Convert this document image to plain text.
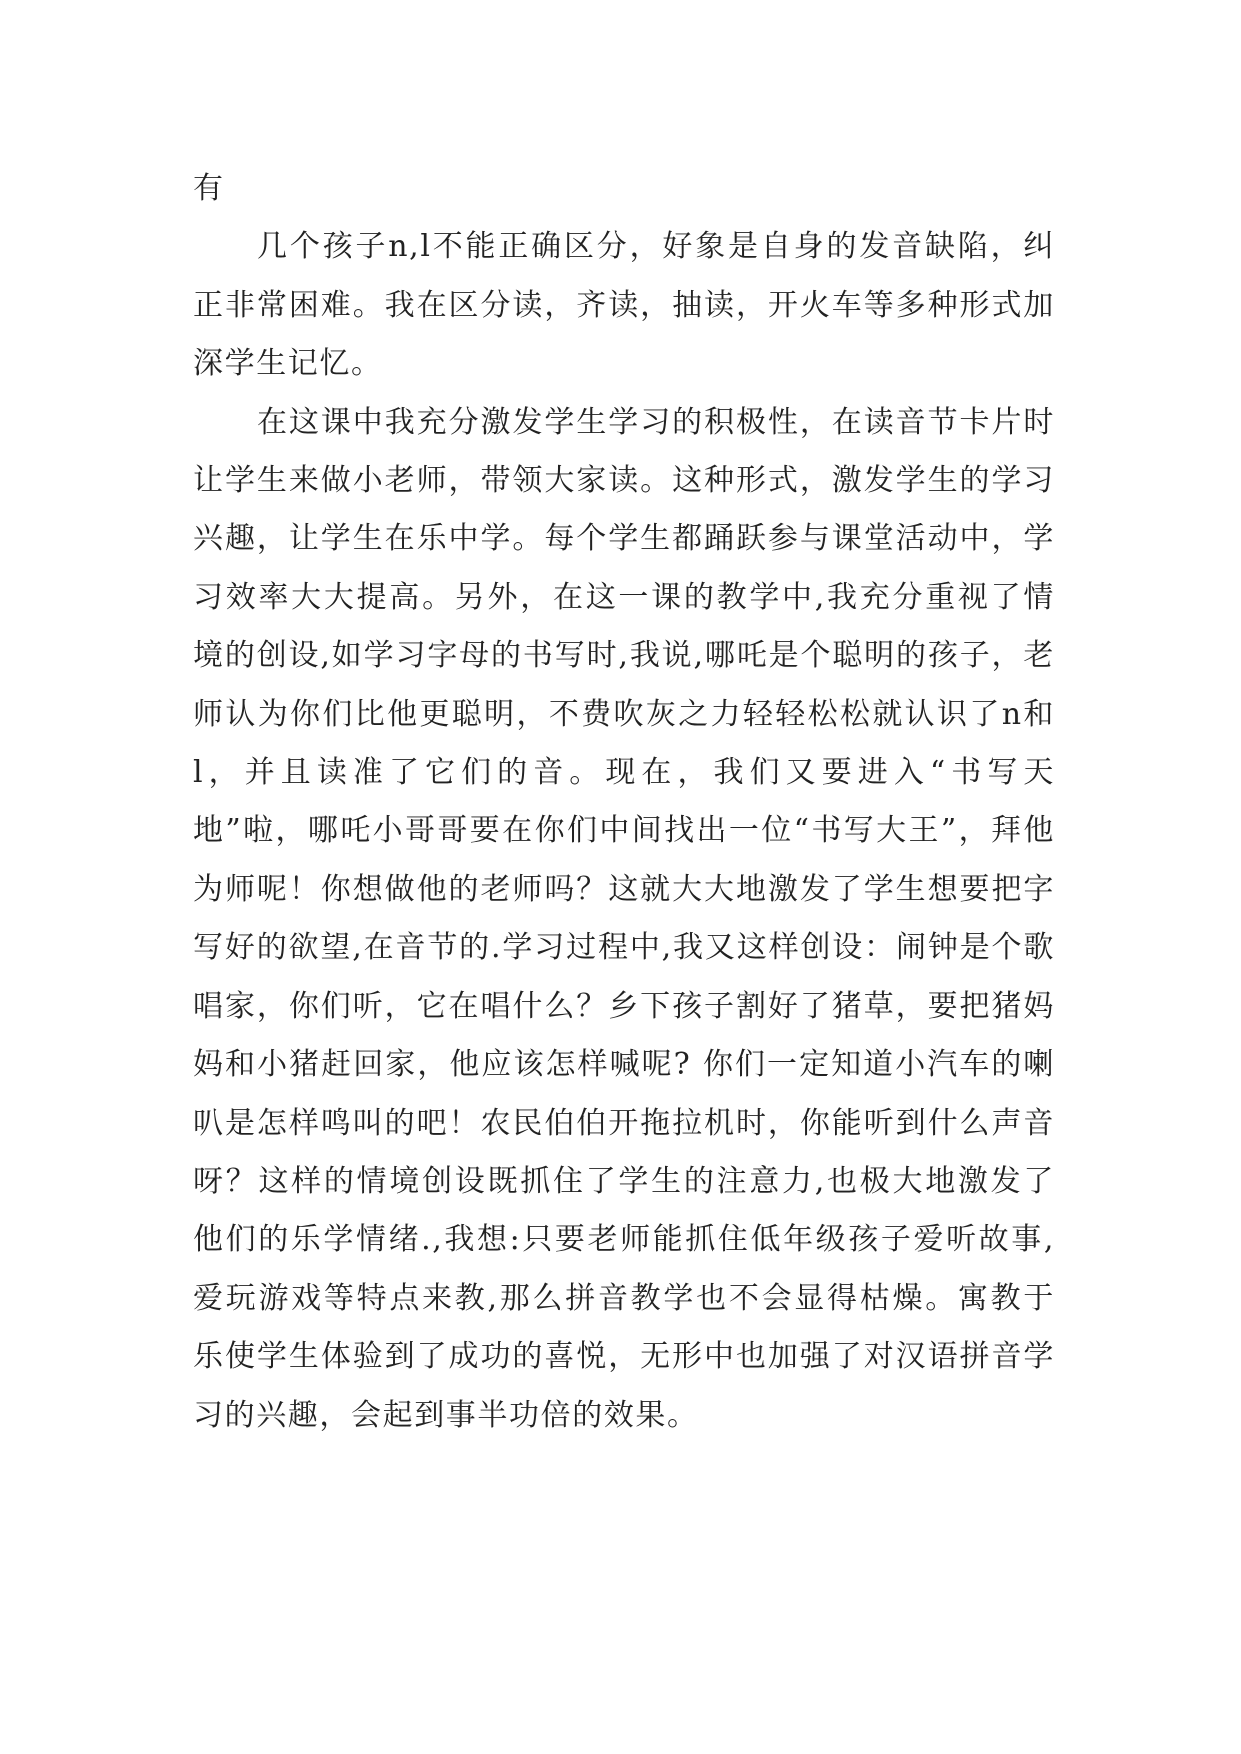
有

几个孩子n,l不能正确区分，好象是自身的发音缺陷，纠正非常困难。我在区分读，齐读，抽读，开火车等多种形式加深学生记忆。

在这课中我充分激发学生学习的积极性，在读音节卡片时让学生来做小老师，带领大家读。这种形式，激发学生的学习兴趣，让学生在乐中学。每个学生都踊跃参与课堂活动中，学习效率大大提高。另外，在这一课的教学中,我充分重视了情境的创设,如学习字母的书写时,我说,哪吒是个聪明的孩子，老师认为你们比他更聪明，不费吹灰之力轻轻松松就认识了n和l，并且读准了它们的音。现在，我们又要进入“书写天地”啦，哪吒小哥哥要在你们中间找出一位“书写大王”，拜他为师呢！你想做他的老师吗？这就大大地激发了学生想要把字写好的欲望,在音节的.学习过程中,我又这样创设：闹钟是个歌唱家，你们听，它在唱什么？乡下孩子割好了猪草，要把猪妈妈和小猪赶回家，他应该怎样喊呢? 你们一定知道小汽车的喇叭是怎样鸣叫的吧！农民伯伯开拖拉机时，你能听到什么声音呀？这样的情境创设既抓住了学生的注意力,也极大地激发了他们的乐学情绪.,我想:只要老师能抓住低年级孩子爱听故事,爱玩游戏等特点来教,那么拼音教学也不会显得枯燥。寓教于乐使学生体验到了成功的喜悦，无形中也加强了对汉语拼音学习的兴趣，会起到事半功倍的效果。
